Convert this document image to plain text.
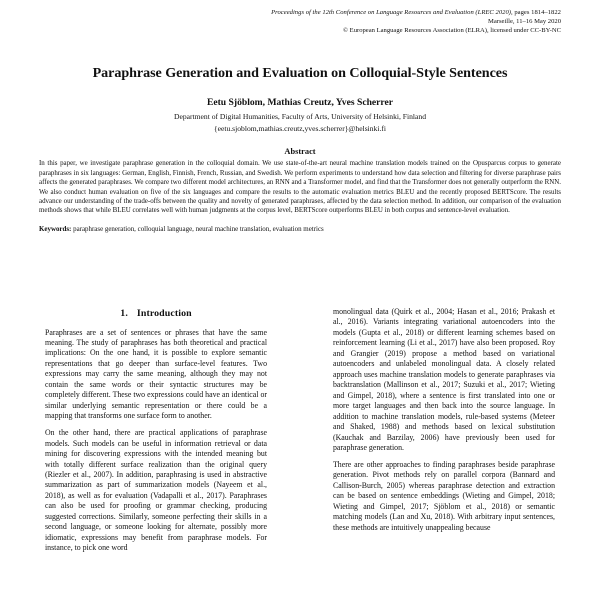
Proceedings of the 12th Conference on Language Resources and Evaluation (LREC 2020), pages 1814–1822
Marseille, 11–16 May 2020
© European Language Resources Association (ELRA), licensed under CC-BY-NC
Paraphrase Generation and Evaluation on Colloquial-Style Sentences
Eetu Sjöblom, Mathias Creutz, Yves Scherrer
Department of Digital Humanities, Faculty of Arts, University of Helsinki, Finland
{eetu.sjoblom,mathias.creutz,yves.scherrer}@helsinki.fi
Abstract
In this paper, we investigate paraphrase generation in the colloquial domain. We use state-of-the-art neural machine translation models trained on the Opusparcus corpus to generate paraphrases in six languages: German, English, Finnish, French, Russian, and Swedish. We perform experiments to understand how data selection and filtering for diverse paraphrase pairs affects the generated paraphrases. We compare two different model architectures, an RNN and a Transformer model, and find that the Transformer does not generally outperform the RNN. We also conduct human evaluation on five of the six languages and compare the results to the automatic evaluation metrics BLEU and the recently proposed BERTScore. The results advance our understanding of the trade-offs between the quality and novelty of generated paraphrases, affected by the data selection method. In addition, our comparison of the evaluation methods shows that while BLEU correlates well with human judgments at the corpus level, BERTScore outperforms BLEU in both corpus and sentence-level evaluation.
Keywords: paraphrase generation, colloquial language, neural machine translation, evaluation metrics
1. Introduction

Paraphrases are a set of sentences or phrases that have the same meaning. The study of paraphrases has both theoretical and practical implications: On the one hand, it is possible to explore semantic representations that go deeper than surface-level features. Two expressions may carry the same meaning, although they may not contain the same words or their syntactic structures may be completely different. These two expressions could have an identical or similar underlying semantic representation or there could be a mapping that transforms one surface form to another.

On the other hand, there are practical applications of paraphrase models. Such models can be useful in information retrieval or data mining for discovering expressions with the intended meaning but with totally different surface realization than the original query (Riezler et al., 2007). In addition, paraphrasing is used in abstractive summarization as part of summarization models (Nayeem et al., 2018), as well as for evaluation (Vadapalli et al., 2017). Paraphrases can also be used for proofing or grammar checking, producing suggested corrections. Similarly, someone perfecting their skills in a second language, or someone looking for alternate, possibly more idiomatic, expressions may benefit from paraphrase models. For instance, to pick one word

monolingual data (Quirk et al., 2004; Hasan et al., 2016; Prakash et al., 2016). Variants integrating variational autoencoders into the models (Gupta et al., 2018) or different learning schemes based on reinforcement learning (Li et al., 2017) have also been proposed. Roy and Grangier (2019) propose a method based on variational autoencoders and unlabeled monolingual data. A closely related approach uses machine translation models to generate paraphrases via backtranslation (Mallinson et al., 2017; Suzuki et al., 2017; Wieting and Gimpel, 2018), where a sentence is first translated into one or more target languages and then back into the source language. In addition to machine translation models, rule-based systems (Meteer and Shaked, 1988) and methods based on lexical substitution (Kauchak and Barzilay, 2006) have previously been used for paraphrase generation.

There are other approaches to finding paraphrases beside paraphrase generation. Pivot methods rely on parallel corpora (Bannard and Callison-Burch, 2005) whereas paraphrase detection and extraction can be based on sentence embeddings (Wieting and Gimpel, 2018; Wieting and Gimpel, 2017; Sjöblom et al., 2018) or semantic matching models (Lan and Xu, 2018). With arbitrary input sentences, these methods are intuitively unappealing because
